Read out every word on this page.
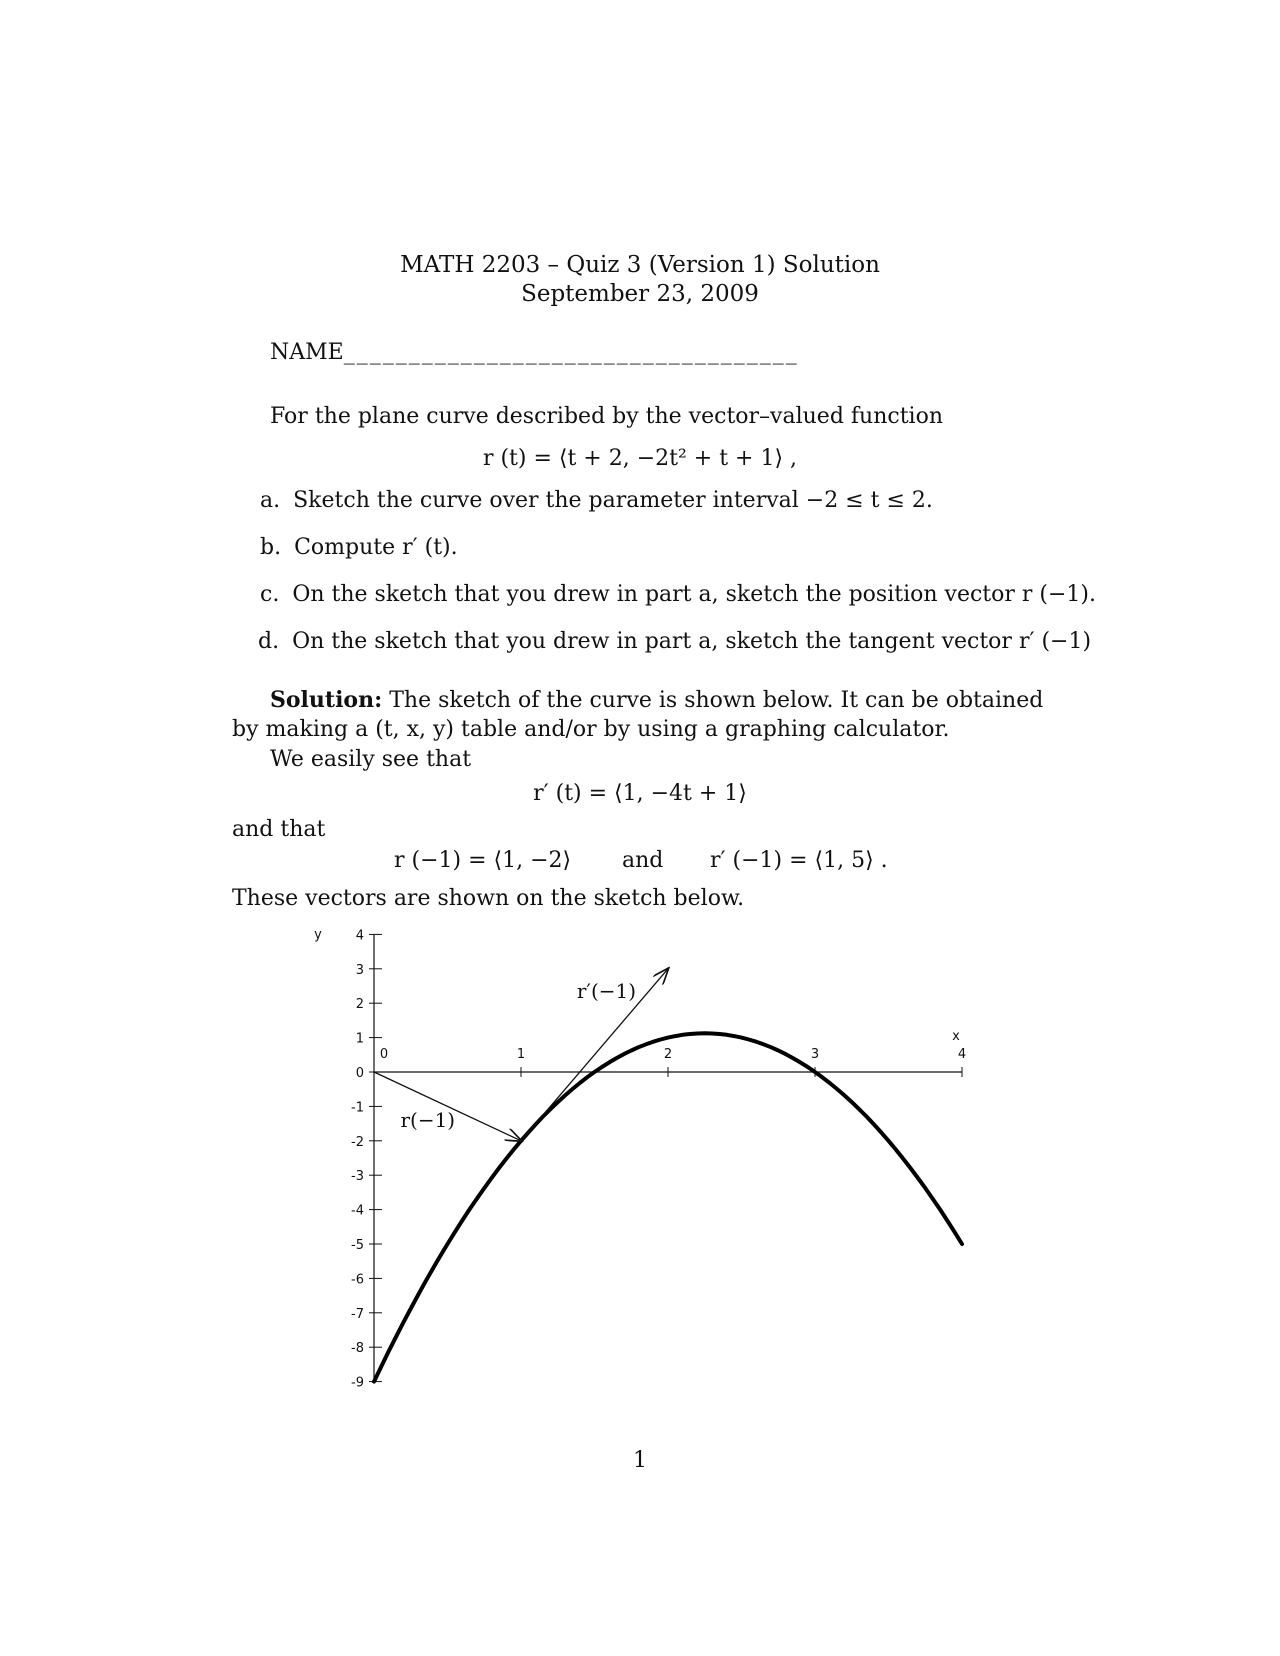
MATH 2203 – Quiz 3 (Version 1) Solution
September 23, 2009
NAME___________________________________
For the plane curve described by the vector–valued function
r (t) = ⟨t + 2, −2t² + t + 1⟩ ,
a. Sketch the curve over the parameter interval −2 ≤ t ≤ 2.
b. Compute r′ (t).
c. On the sketch that you drew in part a, sketch the position vector r (−1).
d. On the sketch that you drew in part a, sketch the tangent vector r′ (−1)
Solution: The sketch of the curve is shown below. It can be obtained
by making a (t, x, y) table and/or by using a graphing calculator.
We easily see that
r′ (t) = ⟨1, −4t + 1⟩
and that
r (−1) = ⟨1, −2⟩ and r′ (−1) = ⟨1, 5⟩ .
These vectors are shown on the sketch below.
0	1	2	3	4
4
3
2
1
0
-1
-2
-3
-4
-5
-6
-7
-8
-9
x
y
r(−1)
r′(−1)
1
